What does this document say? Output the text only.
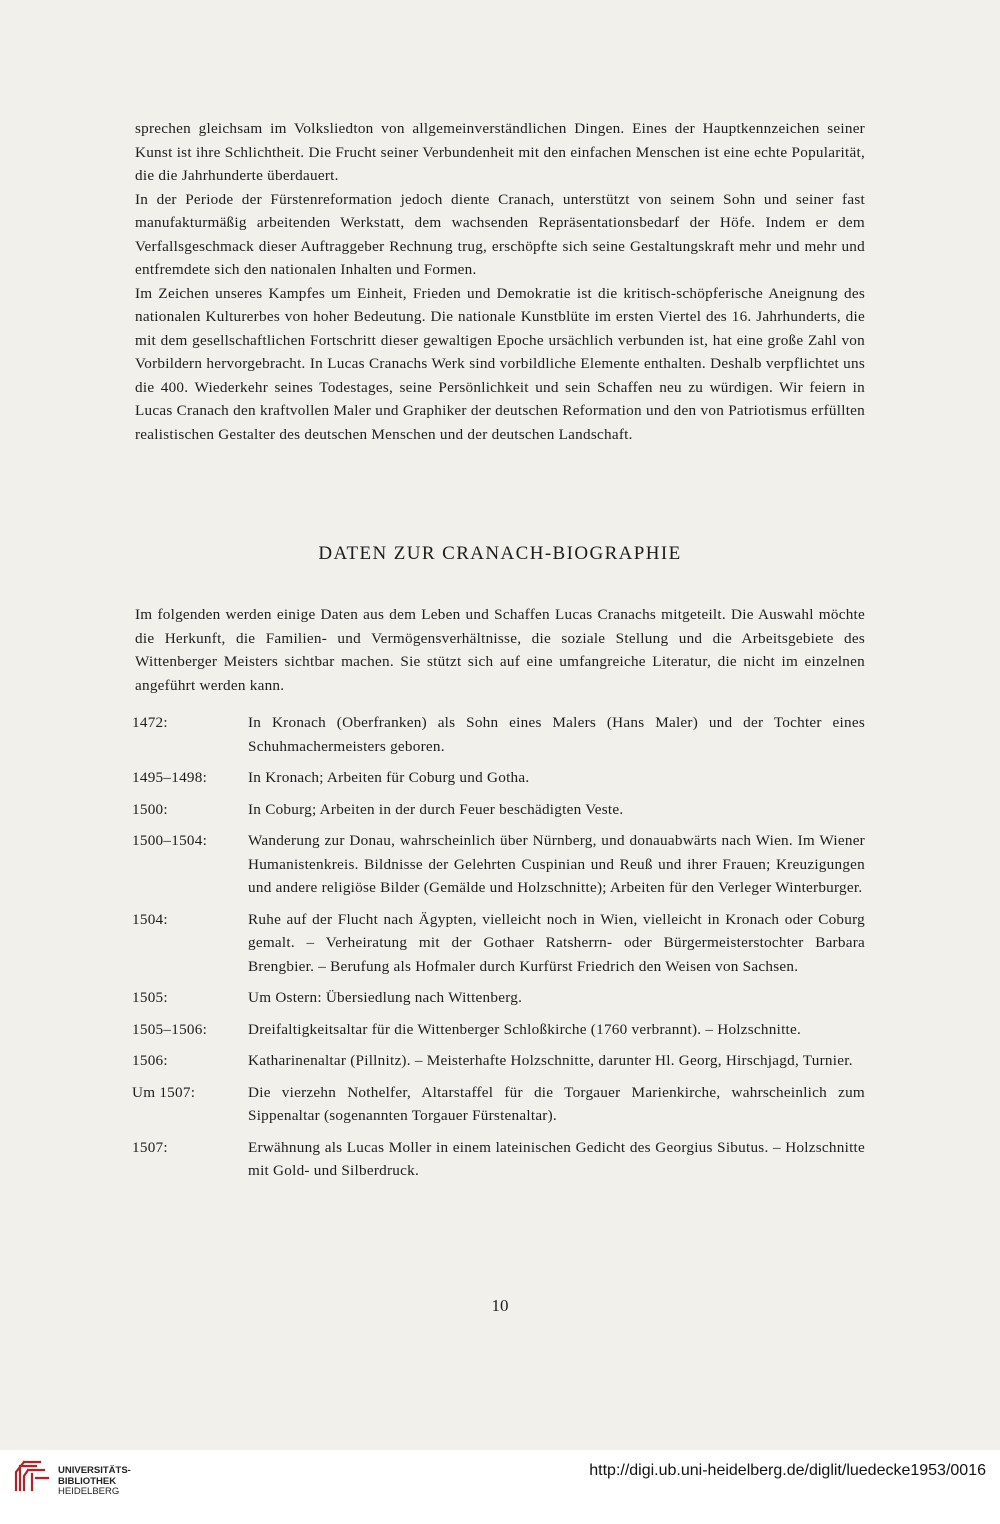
sprechen gleichsam im Volksliedton von allgemeinverständlichen Dingen. Eines der Hauptkennzeichen seiner Kunst ist ihre Schlichtheit. Die Frucht seiner Verbundenheit mit den einfachen Menschen ist eine echte Popularität, die die Jahrhunderte überdauert.

In der Periode der Fürstenreformation jedoch diente Cranach, unterstützt von seinem Sohn und seiner fast manufakturmäßig arbeitenden Werkstatt, dem wachsenden Repräsentationsbedarf der Höfe. Indem er dem Verfallsgeschmack dieser Auftraggeber Rechnung trug, erschöpfte sich seine Gestaltungskraft mehr und mehr und entfremdete sich den nationalen Inhalten und Formen.

Im Zeichen unseres Kampfes um Einheit, Frieden und Demokratie ist die kritisch-schöpferische Aneignung des nationalen Kulturerbes von hoher Bedeutung. Die nationale Kunstblüte im ersten Viertel des 16. Jahrhunderts, die mit dem gesellschaftlichen Fortschritt dieser gewaltigen Epoche ursächlich verbunden ist, hat eine große Zahl von Vorbildern hervorgebracht. In Lucas Cranachs Werk sind vorbildliche Elemente enthalten. Deshalb verpflichtet uns die 400. Wiederkehr seines Todestages, seine Persönlichkeit und sein Schaffen neu zu würdigen. Wir feiern in Lucas Cranach den kraftvollen Maler und Graphiker der deutschen Reformation und den von Patriotismus erfüllten realistischen Gestalter des deutschen Menschen und der deutschen Landschaft.

DATEN ZUR CRANACH-BIOGRAPHIE

Im folgenden werden einige Daten aus dem Leben und Schaffen Lucas Cranachs mitgeteilt. Die Auswahl möchte die Herkunft, die Familien- und Vermögensverhältnisse, die soziale Stellung und die Arbeitsgebiete des Wittenberger Meisters sichtbar machen. Sie stützt sich auf eine umfangreiche Literatur, die nicht im einzelnen angeführt werden kann.

1472:	In Kronach (Oberfranken) als Sohn eines Malers (Hans Maler) und der Tochter eines Schuhmachermeisters geboren.
1495–1498:	In Kronach; Arbeiten für Coburg und Gotha.
1500:	In Coburg; Arbeiten in der durch Feuer beschädigten Veste.
1500–1504:	Wanderung zur Donau, wahrscheinlich über Nürnberg, und donauabwärts nach Wien. Im Wiener Humanistenkreis. Bildnisse der Gelehrten Cuspinian und Reuß und ihrer Frauen; Kreuzigungen und andere religiöse Bilder (Gemälde und Holzschnitte); Arbeiten für den Verleger Winterburger.
1504:	Ruhe auf der Flucht nach Ägypten, vielleicht noch in Wien, vielleicht in Kronach oder Coburg gemalt. – Verheiratung mit der Gothaer Ratsherrn- oder Bürgermeisterstochter Barbara Brengbier. – Berufung als Hofmaler durch Kurfürst Friedrich den Weisen von Sachsen.
1505:	Um Ostern: Übersiedlung nach Wittenberg.
1505–1506:	Dreifaltigkeitsaltar für die Wittenberger Schloßkirche (1760 verbrannt). – Holzschnitte.
1506:	Katharinenaltar (Pillnitz). – Meisterhafte Holzschnitte, darunter Hl. Georg, Hirschjagd, Turnier.
Um 1507:	Die vierzehn Nothelfer, Altarstaffel für die Torgauer Marienkirche, wahrscheinlich zum Sippenaltar (sogenannten Torgauer Fürstenaltar).
1507:	Erwähnung als Lucas Moller in einem lateinischen Gedicht des Georgius Sibutus. – Holzschnitte mit Gold- und Silberdruck.
10
UNIVERSITÄTS-
BIBLIOTHEK
HEIDELBERG
http://digi.ub.uni-heidelberg.de/diglit/luedecke1953/0016
